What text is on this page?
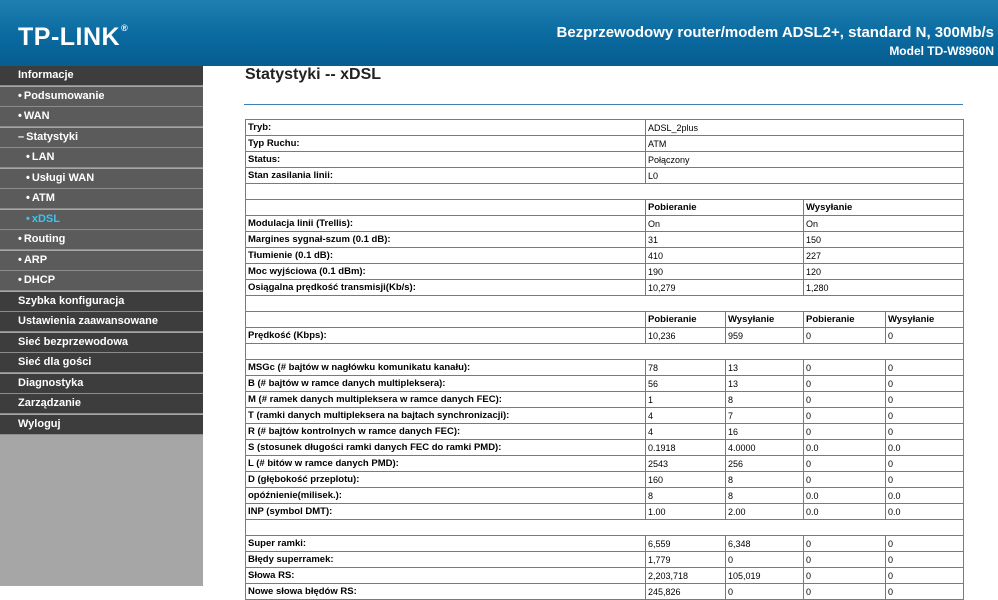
TP-LINK®	Bezprzewodowy router/modem ADSL2+, standard N, 300Mb/s
Model TD-W8960N
Informacje
• Podsumowanie
• WAN
– Statystyki
• LAN
• Usługi WAN
• ATM
• xDSL
• Routing
• ARP
• DHCP
Szybka konfiguracja
Ustawienia zaawansowane
Sieć bezprzewodowa
Sieć dla gości
Diagnostyka
Zarządzanie
Wyloguj
Statystyki -- xDSL
Tryb:	ADSL_2plus			
Typ Ruchu:	ATM			
Status:	Połączony			
Stan zasilania linii:	L0			

	Pobieranie		Wysyłanie	
Modulacja linii (Trellis):	On		On	
Margines sygnał-szum (0.1 dB):	31		150	
Tłumienie (0.1 dB):	410		227	
Moc wyjściowa (0.1 dBm):	190		120	
Osiągalna prędkość transmisji(Kb/s):	10,279		1,280	

	Pobieranie	Wysyłanie	Pobieranie	Wysyłanie
Prędkość (Kbps):	10,236	959	0	0

MSGc (# bajtów w nagłówku komunikatu kanału):	78	13	0	0
B (# bajtów w ramce danych multipleksera):	56	13	0	0
M (# ramek danych multipleksera w ramce danych FEC):	1	8	0	0
T (ramki danych multipleksera na bajtach synchronizacji):	4	7	0	0
R (# bajtów kontrolnych w ramce danych FEC):	4	16	0	0
S (stosunek długości ramki danych FEC do ramki PMD):	0.1918	4.0000	0.0	0.0
L (# bitów w ramce danych PMD):	2543	256	0	0
D (głębokość przeplotu):	160	8	0	0
opóźnienie(milisek.):	8	8	0.0	0.0
INP (symbol DMT):	1.00	2.00	0.0	0.0

Super ramki:	6,559	6,348	0	0
Błędy superramek:	1,779	0	0	0
Słowa RS:	2,203,718	105,019	0	0
Nowe słowa błędów RS:	245,826	0	0	0
